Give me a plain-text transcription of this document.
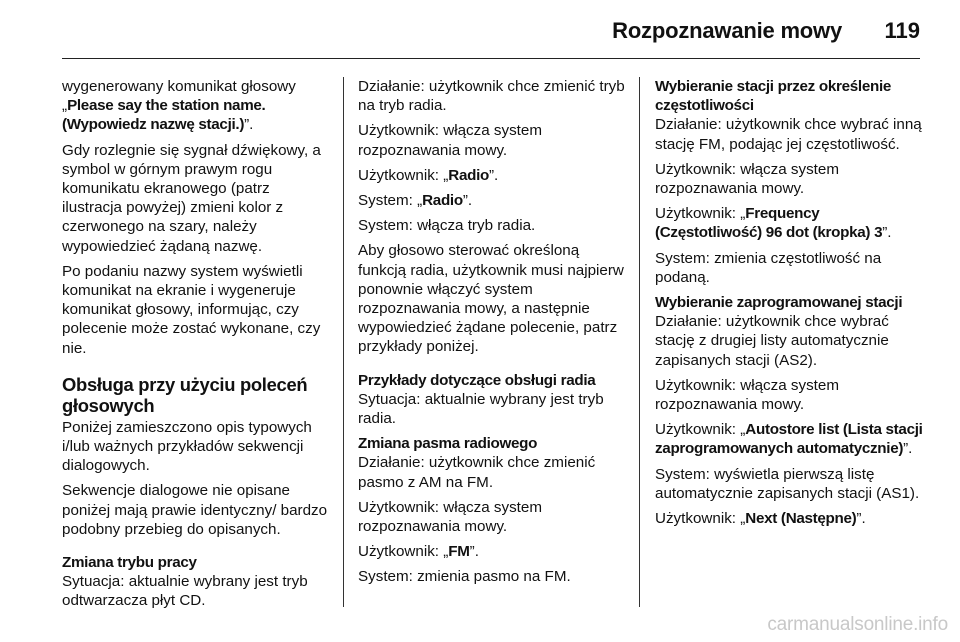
Rozpoznawanie mowy 119

wygenerowany komunikat głosowy „Please say the station name. (Wypowiedz nazwę stacji.)”.

Gdy rozlegnie się sygnał dźwiękowy, a symbol w górnym prawym rogu komunikatu ekranowego (patrz ilustracja powyżej) zmieni kolor z czerwonego na szary, należy wypowiedzieć żądaną nazwę.

Po podaniu nazwy system wyświetli komunikat na ekranie i wygeneruje komunikat głosowy, informując, czy polecenie może zostać wykonane, czy nie.

Obsługa przy użyciu poleceń głosowych

Poniżej zamieszczono opis typowych i/lub ważnych przykładów sekwencji dialogowych.

Sekwencje dialogowe nie opisane poniżej mają prawie identyczny/ bardzo podobny przebieg do opisanych.

Zmiana trybu pracy
Sytuacja: aktualnie wybrany jest tryb odtwarzacza płyt CD.

Działanie: użytkownik chce zmienić tryb na tryb radia.

Użytkownik: włącza system rozpoznawania mowy.

Użytkownik: „Radio”.

System: „Radio”.

System: włącza tryb radia.

Aby głosowo sterować określoną funkcją radia, użytkownik musi najpierw ponownie włączyć system rozpoznawania mowy, a następnie wypowiedzieć żądane polecenie, patrz przykłady poniżej.

Przykłady dotyczące obsługi radia
Sytuacja: aktualnie wybrany jest tryb radia.

Zmiana pasma radiowego
Działanie: użytkownik chce zmienić pasmo z AM na FM.

Użytkownik: włącza system rozpoznawania mowy.

Użytkownik: „FM”.

System: zmienia pasmo na FM.

Wybieranie stacji przez określenie częstotliwości
Działanie: użytkownik chce wybrać inną stację FM, podając jej częstotliwość.

Użytkownik: włącza system rozpoznawania mowy.

Użytkownik: „Frequency (Częstotliwość) 96 dot (kropka) 3”.

System: zmienia częstotliwość na podaną.

Wybieranie zaprogramowanej stacji
Działanie: użytkownik chce wybrać stację z drugiej listy automatycznie zapisanych stacji (AS2).

Użytkownik: włącza system rozpoznawania mowy.

Użytkownik: „Autostore list (Lista stacji zaprogramowanych automatycznie)”.

System: wyświetla pierwszą listę automatycznie zapisanych stacji (AS1).

Użytkownik: „Next (Następne)”.

carmanualsonline.info
